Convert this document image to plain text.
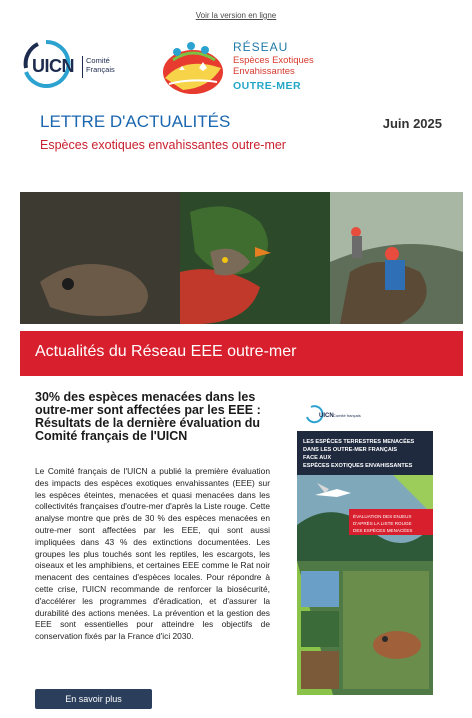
Voir la version en ligne
UICN Comité
Français
RÉSEAU
Espèces Exotiques
Envahissantes
OUTRE-MER
LETTRE D'ACTUALITÉS	Juin 2025
Espèces exotiques envahissantes outre-mer
Actualités du Réseau EEE outre-mer
30% des espèces menacées dans les outre-mer sont affectées par les EEE : Résultats de la dernière évaluation du Comité français de l'UICN
Le Comité français de l'UICN a publié la première évaluation des impacts des espèces exotiques envahissantes (EEE) sur les espèces éteintes, menacées et quasi menacées dans les collectivités françaises d'outre-mer d'après la Liste rouge. Cette analyse montre que près de 30 % des espèces menacées en outre-mer sont affectées par les EEE, qui sont aussi impliquées dans 43 % des extinctions documentées. Les groupes les plus touchés sont les reptiles, les escargots, les oiseaux et les amphibiens, et certaines EEE comme le Rat noir menacent des centaines d'espèces locales. Pour répondre à cette crise, l'UICN recommande de renforcer la biosécurité, d'accélérer les programmes d'éradication, et d'assurer la durabilité des actions menées. La prévention et la gestion des EEE sont essentielles pour atteindre les objectifs de conservation fixés par la France d'ici 2030.
En savoir plus
UICN Comité français
LES ESPÈCES TERRESTRES MENACÉES
DANS LES OUTRE-MER FRANÇAIS
FACE AUX
ESPÈCES EXOTIQUES ENVAHISSANTES
ÉVALUATION DES ENJEUX
D'APRÈS LA LISTE ROUGE
DES ESPÈCES MENACÉES
